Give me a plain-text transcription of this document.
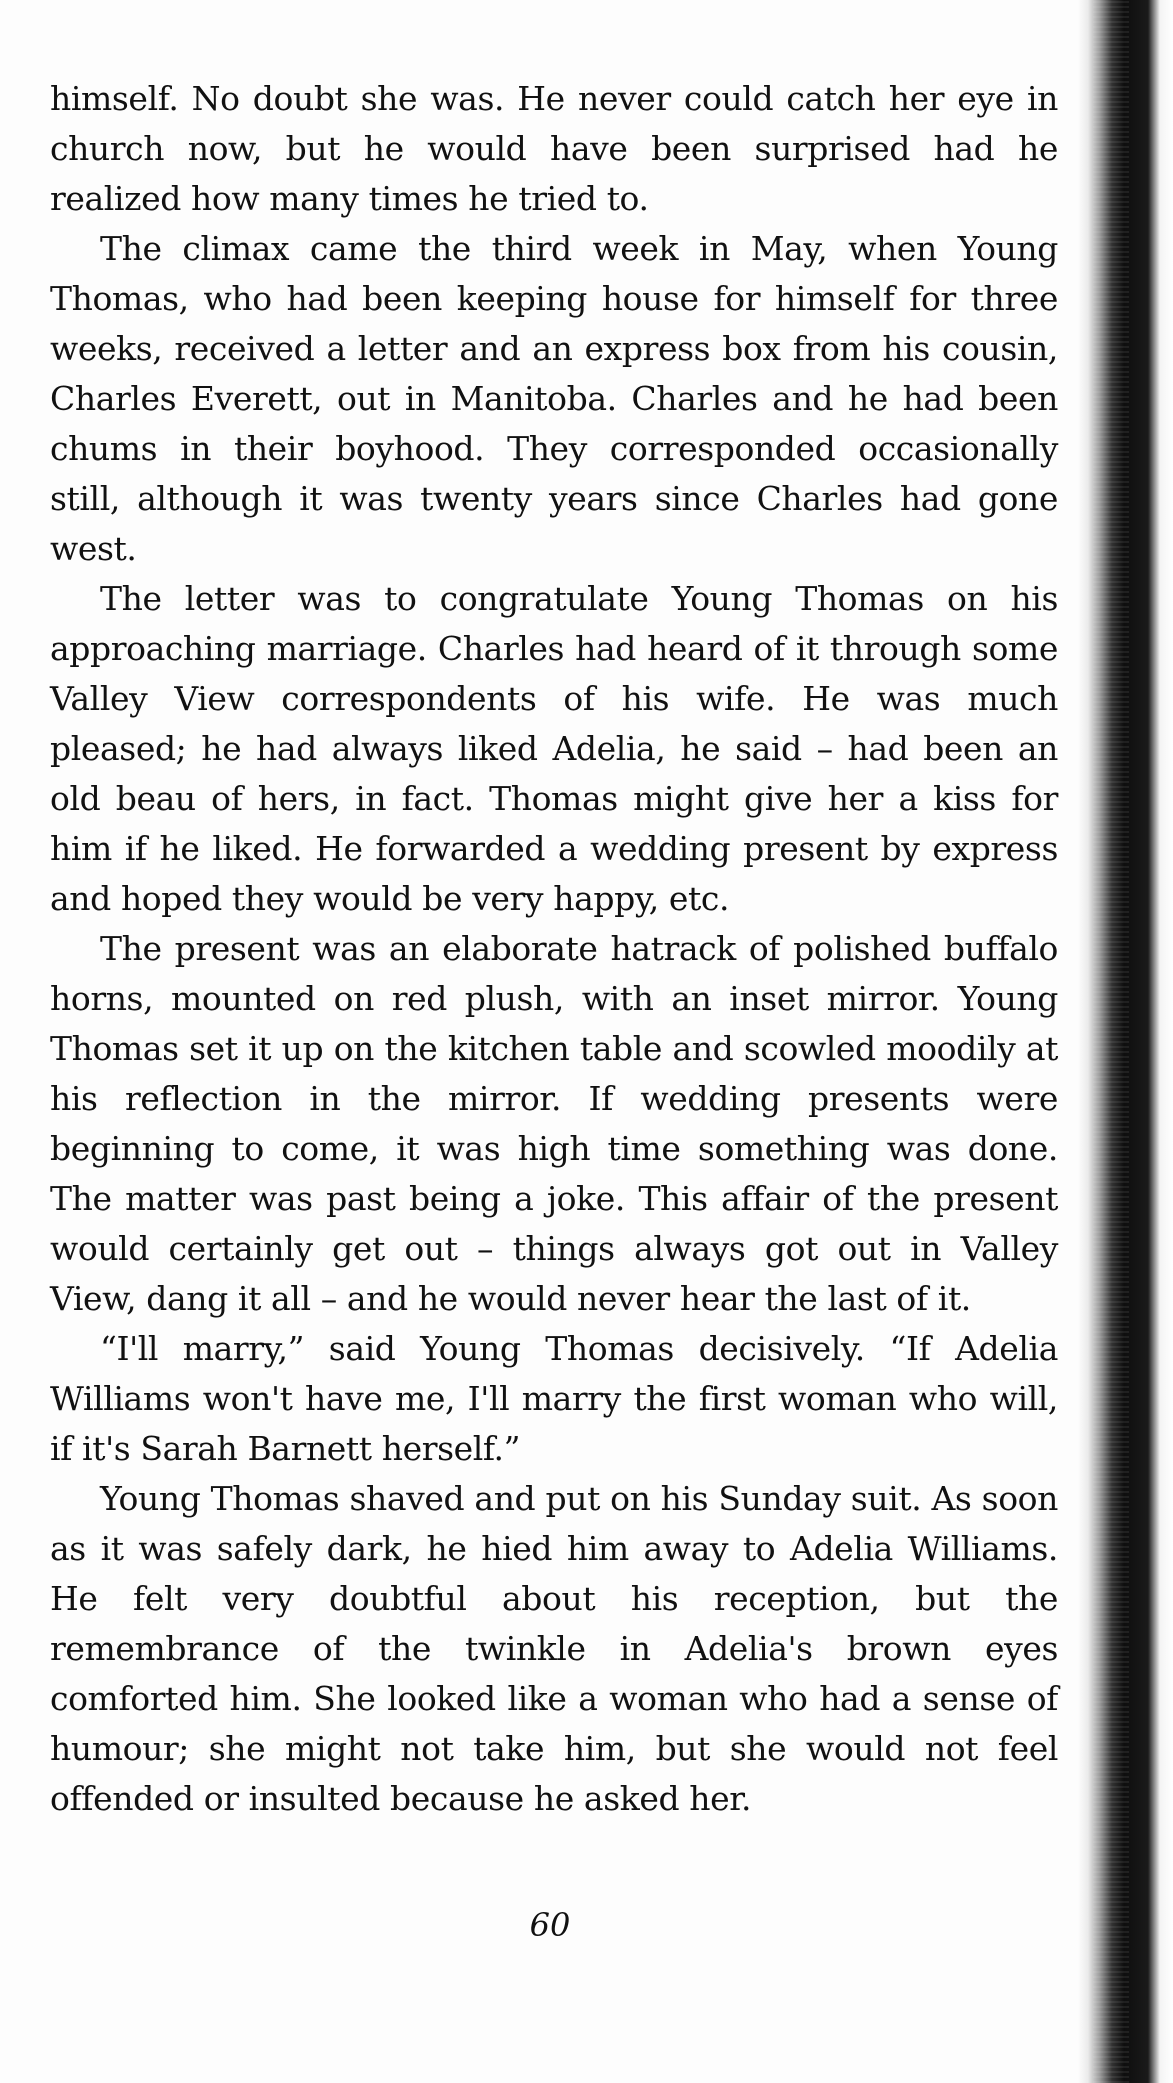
himself. No doubt she was. He never could catch her eye in church now, but he would have been surprised had he realized how many times he tried to.

The climax came the third week in May, when Young Thomas, who had been keeping house for himself for three weeks, received a letter and an express box from his cousin, Charles Everett, out in Manitoba. Charles and he had been chums in their boyhood. They corresponded occasionally still, although it was twenty years since Charles had gone west.

The letter was to congratulate Young Thomas on his approaching marriage. Charles had heard of it through some Valley View correspondents of his wife. He was much pleased; he had always liked Adelia, he said – had been an old beau of hers, in fact. Thomas might give her a kiss for him if he liked. He forwarded a wedding present by express and hoped they would be very happy, etc.

The present was an elaborate hatrack of polished buffalo horns, mounted on red plush, with an inset mirror. Young Thomas set it up on the kitchen table and scowled moodily at his reflection in the mirror. If wedding presents were beginning to come, it was high time something was done. The matter was past being a joke. This affair of the present would certainly get out – things always got out in Valley View, dang it all – and he would never hear the last of it.

“I'll marry,” said Young Thomas decisively. “If Adelia Williams won't have me, I'll marry the first woman who will, if it's Sarah Barnett herself.”

Young Thomas shaved and put on his Sunday suit. As soon as it was safely dark, he hied him away to Adelia Williams. He felt very doubtful about his reception, but the remembrance of the twinkle in Adelia's brown eyes comforted him. She looked like a woman who had a sense of humour; she might not take him, but she would not feel offended or insulted because he asked her.

60
